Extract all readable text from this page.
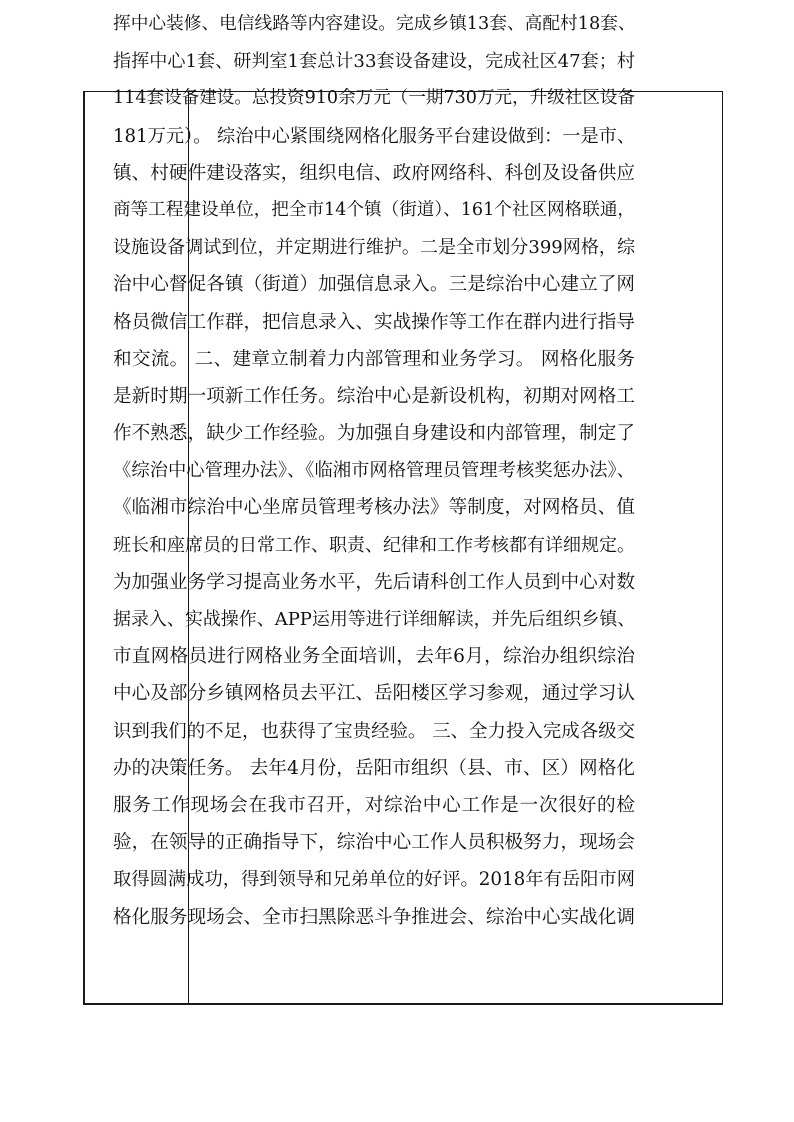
挥中心装修、电信线路等内容建设。完成乡镇13套、高配村18套、
指挥中心1套、研判室1套总计33套设备建设，完成社区47套；村
114套设备建设。总投资910余万元（一期730万元，升级社区设备
181万元）。 综治中心紧围绕网格化服务平台建设做到：一是市、
镇、村硬件建设落实，组织电信、政府网络科、科创及设备供应
商等工程建设单位，把全市14个镇（街道）、161个社区网格联通，
设施设备调试到位，并定期进行维护。二是全市划分399网格，综
治中心督促各镇（街道）加强信息录入。三是综治中心建立了网
格员微信工作群，把信息录入、实战操作等工作在群内进行指导
和交流。 二、建章立制着力内部管理和业务学习。 网格化服务
是新时期一项新工作任务。综治中心是新设机构，初期对网格工
作不熟悉，缺少工作经验。为加强自身建设和内部管理，制定了
《综治中心管理办法》、《临湘市网格管理员管理考核奖惩办法》、
《临湘市综治中心坐席员管理考核办法》等制度，对网格员、值
班长和座席员的日常工作、职责、纪律和工作考核都有详细规定。
为加强业务学习提高业务水平，先后请科创工作人员到中心对数
据录入、实战操作、APP运用等进行详细解读，并先后组织乡镇、
市直网格员进行网格业务全面培训，去年6月，综治办组织综治
中心及部分乡镇网格员去平江、岳阳楼区学习参观，通过学习认
识到我们的不足，也获得了宝贵经验。 三、全力投入完成各级交
办的决策任务。 去年4月份，岳阳市组织（县、市、区）网格化
服务工作现场会在我市召开，对综治中心工作是一次很好的检
验，在领导的正确指导下，综治中心工作人员积极努力，现场会
取得圆满成功，得到领导和兄弟单位的好评。2018年有岳阳市网
格化服务现场会、全市扫黑除恶斗争推进会、综治中心实战化调
